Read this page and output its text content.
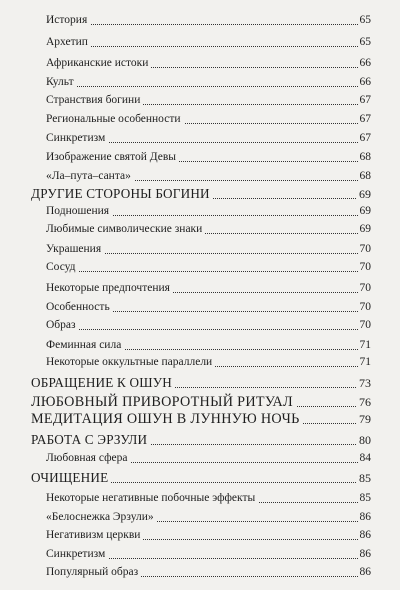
История	65
Архетип	65
Африканские истоки	66
Культ	66
Странствия богини	67
Региональные особенности	67
Синкретизм	67
Изображение святой Девы	68
«Ла–пута–санта»	68
ДРУГИЕ СТОРОНЫ БОГИНИ	69
Подношения	69
Любимые символические знаки	69
Украшения	70
Сосуд	70
Некоторые предпочтения	70
Особенность	70
Образ	70
Феминная сила	71
Некоторые оккультные параллели	71
ОБРАЩЕНИЕ К ОШУН	73
ЛЮБОВНЫЙ ПРИВОРОТНЫЙ РИТУАЛ	76
МЕДИТАЦИЯ ОШУН В ЛУННУЮ НОЧЬ	79
РАБОТА С ЭРЗУЛИ	80
Любовная сфера	84
ОЧИЩЕНИЕ	85
Некоторые негативные побочные эффекты	85
«Белоснежка Эрзули»	86
Негативизм церкви	86
Синкретизм	86
Популярный образ	86
